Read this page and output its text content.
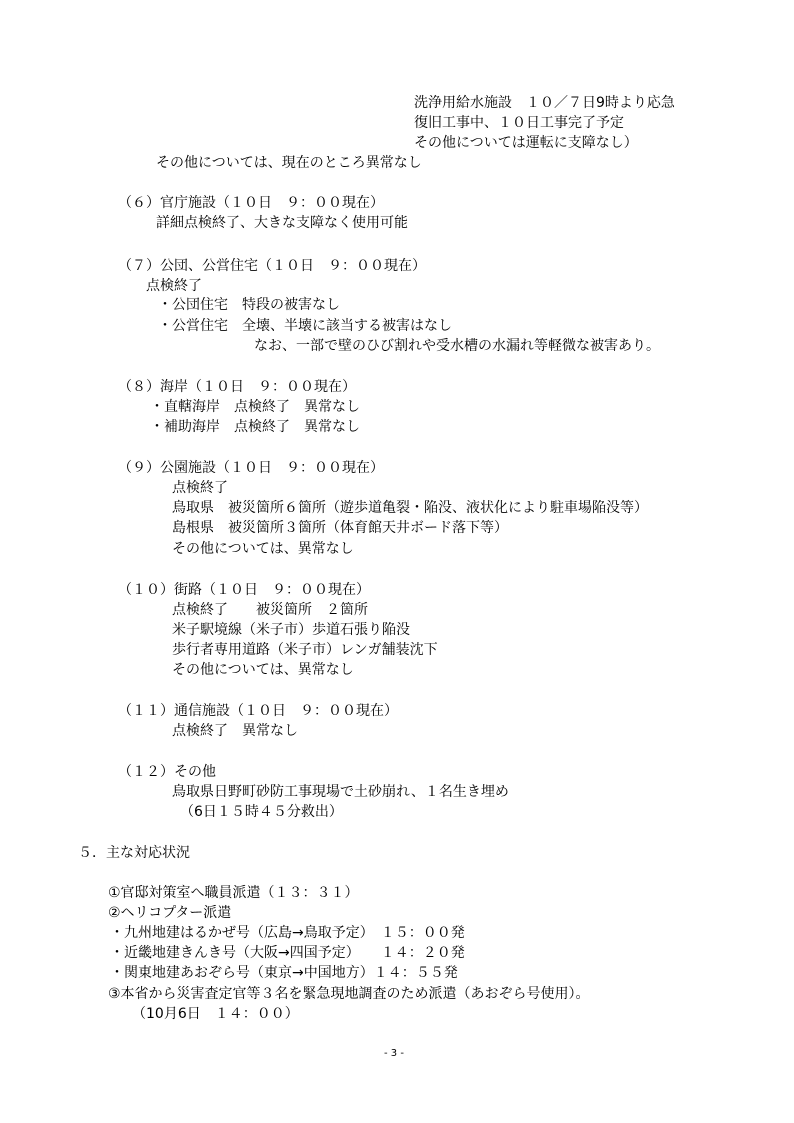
洗浄用給水施設　１０／７日9時より応急
復旧工事中、１０日工事完了予定
その他については運転に支障なし）
その他については、現在のところ異常なし
（６）官庁施設（１０日　９：００現在）
詳細点検終了、大きな支障なく使用可能
（７）公団、公営住宅（１０日　９：００現在）
点検終了
・公団住宅　特段の被害なし
・公営住宅　全壊、半壊に該当する被害はなし
なお、一部で壁のひび割れや受水槽の水漏れ等軽微な被害あり。
（８）海岸（１０日　９：００現在）
・直轄海岸　点検終了　異常なし
・補助海岸　点検終了　異常なし
（９）公園施設（１０日　９：００現在）
点検終了
鳥取県　被災箇所６箇所（遊歩道亀裂・陥没、液状化により駐車場陥没等）
島根県　被災箇所３箇所（体育館天井ボード落下等）
その他については、異常なし
（１０）街路（１０日　９：００現在）
点検終了　　被災箇所　２箇所
米子駅境線（米子市）歩道石張り陥没
歩行者専用道路（米子市）レンガ舗装沈下
その他については、異常なし
（１１）通信施設（１０日　９：００現在）
点検終了　異常なし
（１２）その他
鳥取県日野町砂防工事現場で土砂崩れ、１名生き埋め
（6日１５時４５分救出）
５．主な対応状況
①官邸対策室へ職員派遣（１３：３１）
②ヘリコプター派遣
・九州地建はるかぜ号（広島→鳥取予定）　１５：００発
・近畿地建きんき号（大阪→四国予定）　　１４：２０発
・関東地建あおぞら号（東京→中国地方）１４：５５発
③本省から災害査定官等３名を緊急現地調査のため派遣（あおぞら号使用）。
（10月6日　１４：００）
- 3 -
